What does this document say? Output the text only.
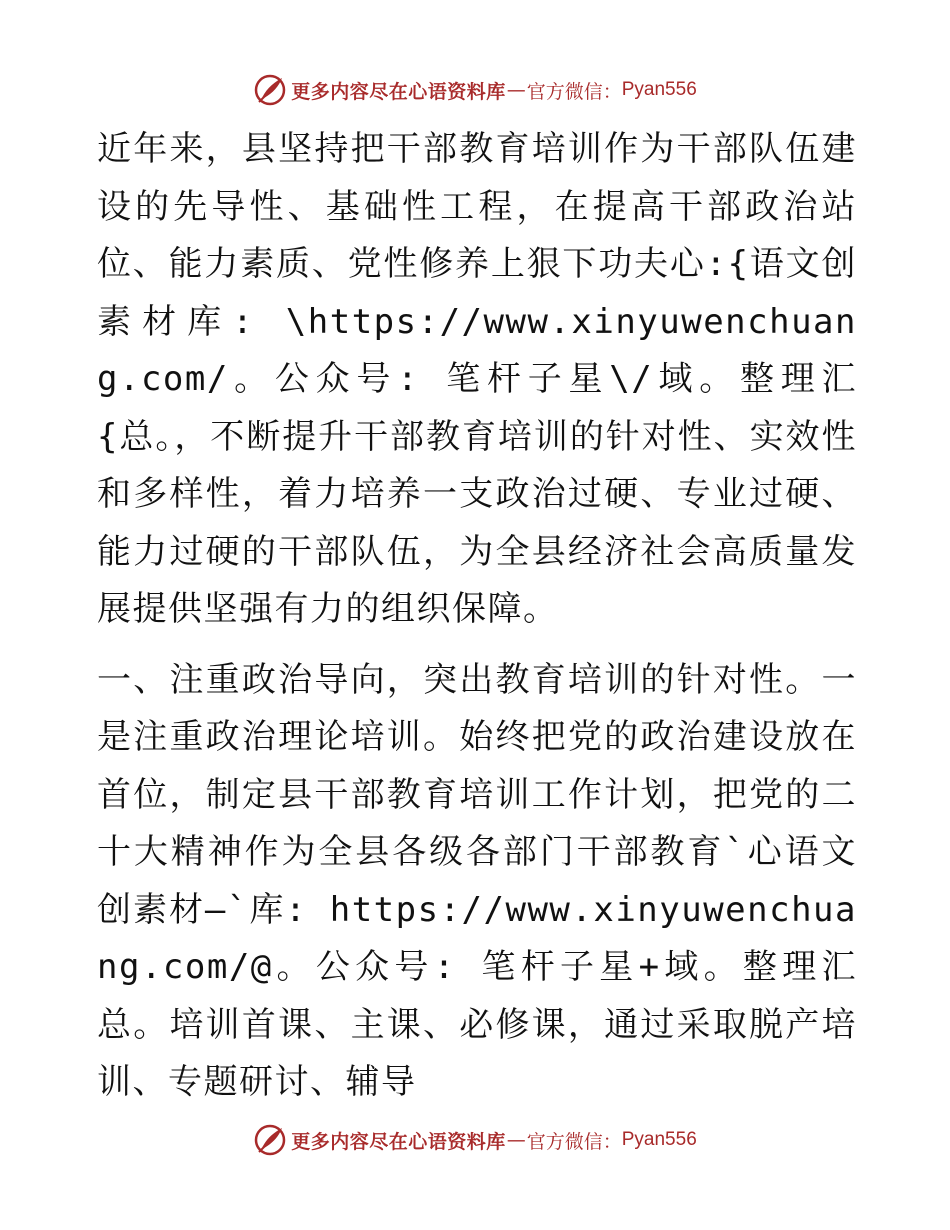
更多内容尽在心语资料库 — 官方微信： Pyan556

近年来，县坚持把干部教育培训作为干部队伍建设的先导性、基础性工程，在提高干部政治站位、能力素质、党性修养上狠下功夫心:{语文创素材库: \https://www.xinyuwenchuang.com/。公众号: 笔杆子星\/域。整理汇{总。，不断提升干部教育培训的针对性、实效性和多样性，着力培养一支政治过硬、专业过硬、能力过硬的干部队伍，为全县经济社会高质量发展提供坚强有力的组织保障。

一、注重政治导向，突出教育培训的针对性。一是注重政治理论培训。始终把党的政治建设放在首位，制定县干部教育培训工作计划，把党的二十大精神作为全县各级各部门干部教育`心语文创素材—`库: https://www.xinyuwenchuang.com/@。公众号: 笔杆子星+域。整理汇总。培训首课、主课、必修课，通过采取脱产培训、专题研讨、辅导

更多内容尽在心语资料库 — 官方微信： Pyan556
